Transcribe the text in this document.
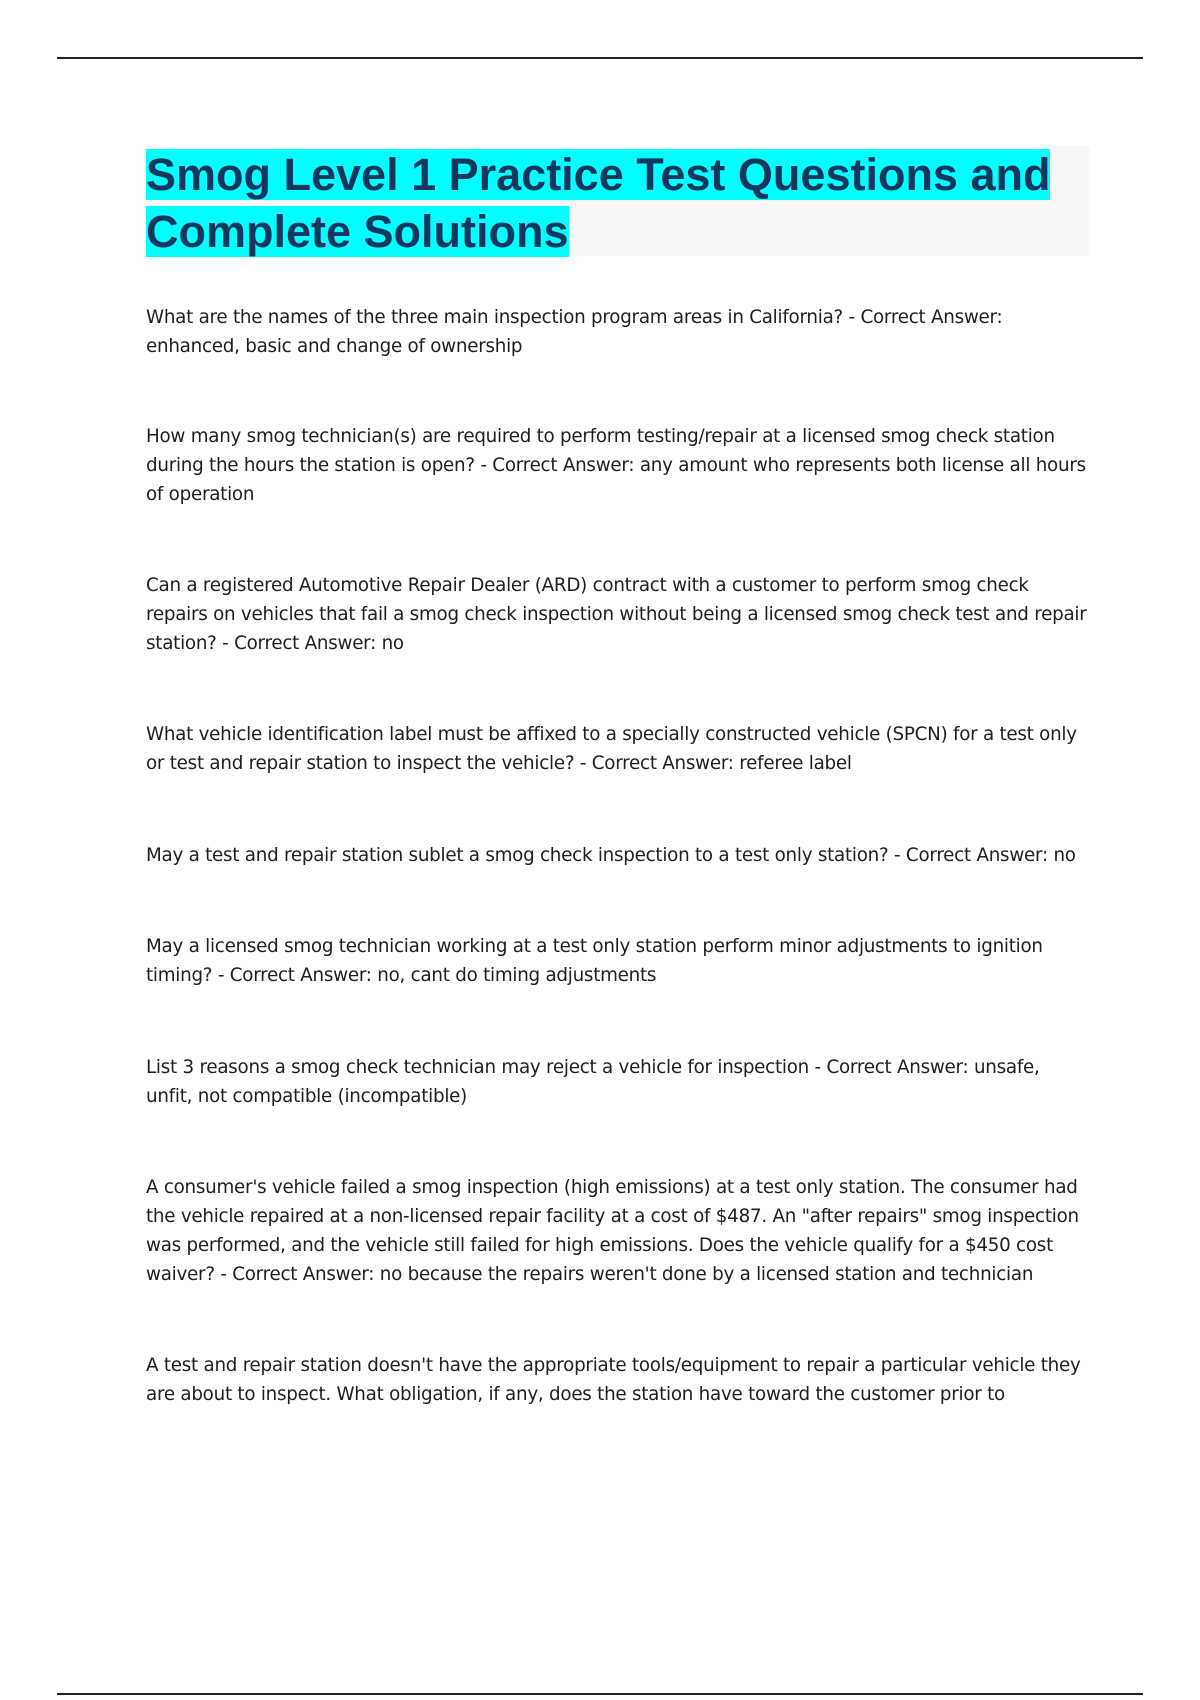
Smog Level 1 Practice Test Questions and Complete Solutions

What are the names of the three main inspection program areas in California? - Correct Answer: enhanced, basic and change of ownership

How many smog technician(s) are required to perform testing/repair at a licensed smog check station during the hours the station is open? - Correct Answer: any amount who represents both license all hours of operation

Can a registered Automotive Repair Dealer (ARD) contract with a customer to perform smog check repairs on vehicles that fail a smog check inspection without being a licensed smog check test and repair station? - Correct Answer: no

What vehicle identification label must be affixed to a specially constructed vehicle (SPCN) for a test only or test and repair station to inspect the vehicle? - Correct Answer: referee label

May a test and repair station sublet a smog check inspection to a test only station? - Correct Answer: no

May a licensed smog technician working at a test only station perform minor adjustments to ignition timing? - Correct Answer: no, cant do timing adjustments

List 3 reasons a smog check technician may reject a vehicle for inspection - Correct Answer: unsafe, unfit, not compatible (incompatible)

A consumer's vehicle failed a smog inspection (high emissions) at a test only station. The consumer had the vehicle repaired at a non-licensed repair facility at a cost of $487. An "after repairs" smog inspection was performed, and the vehicle still failed for high emissions. Does the vehicle qualify for a $450 cost waiver? - Correct Answer: no because the repairs weren't done by a licensed station and technician

A test and repair station doesn't have the appropriate tools/equipment to repair a particular vehicle they are about to inspect. What obligation, if any, does the station have toward the customer prior to
